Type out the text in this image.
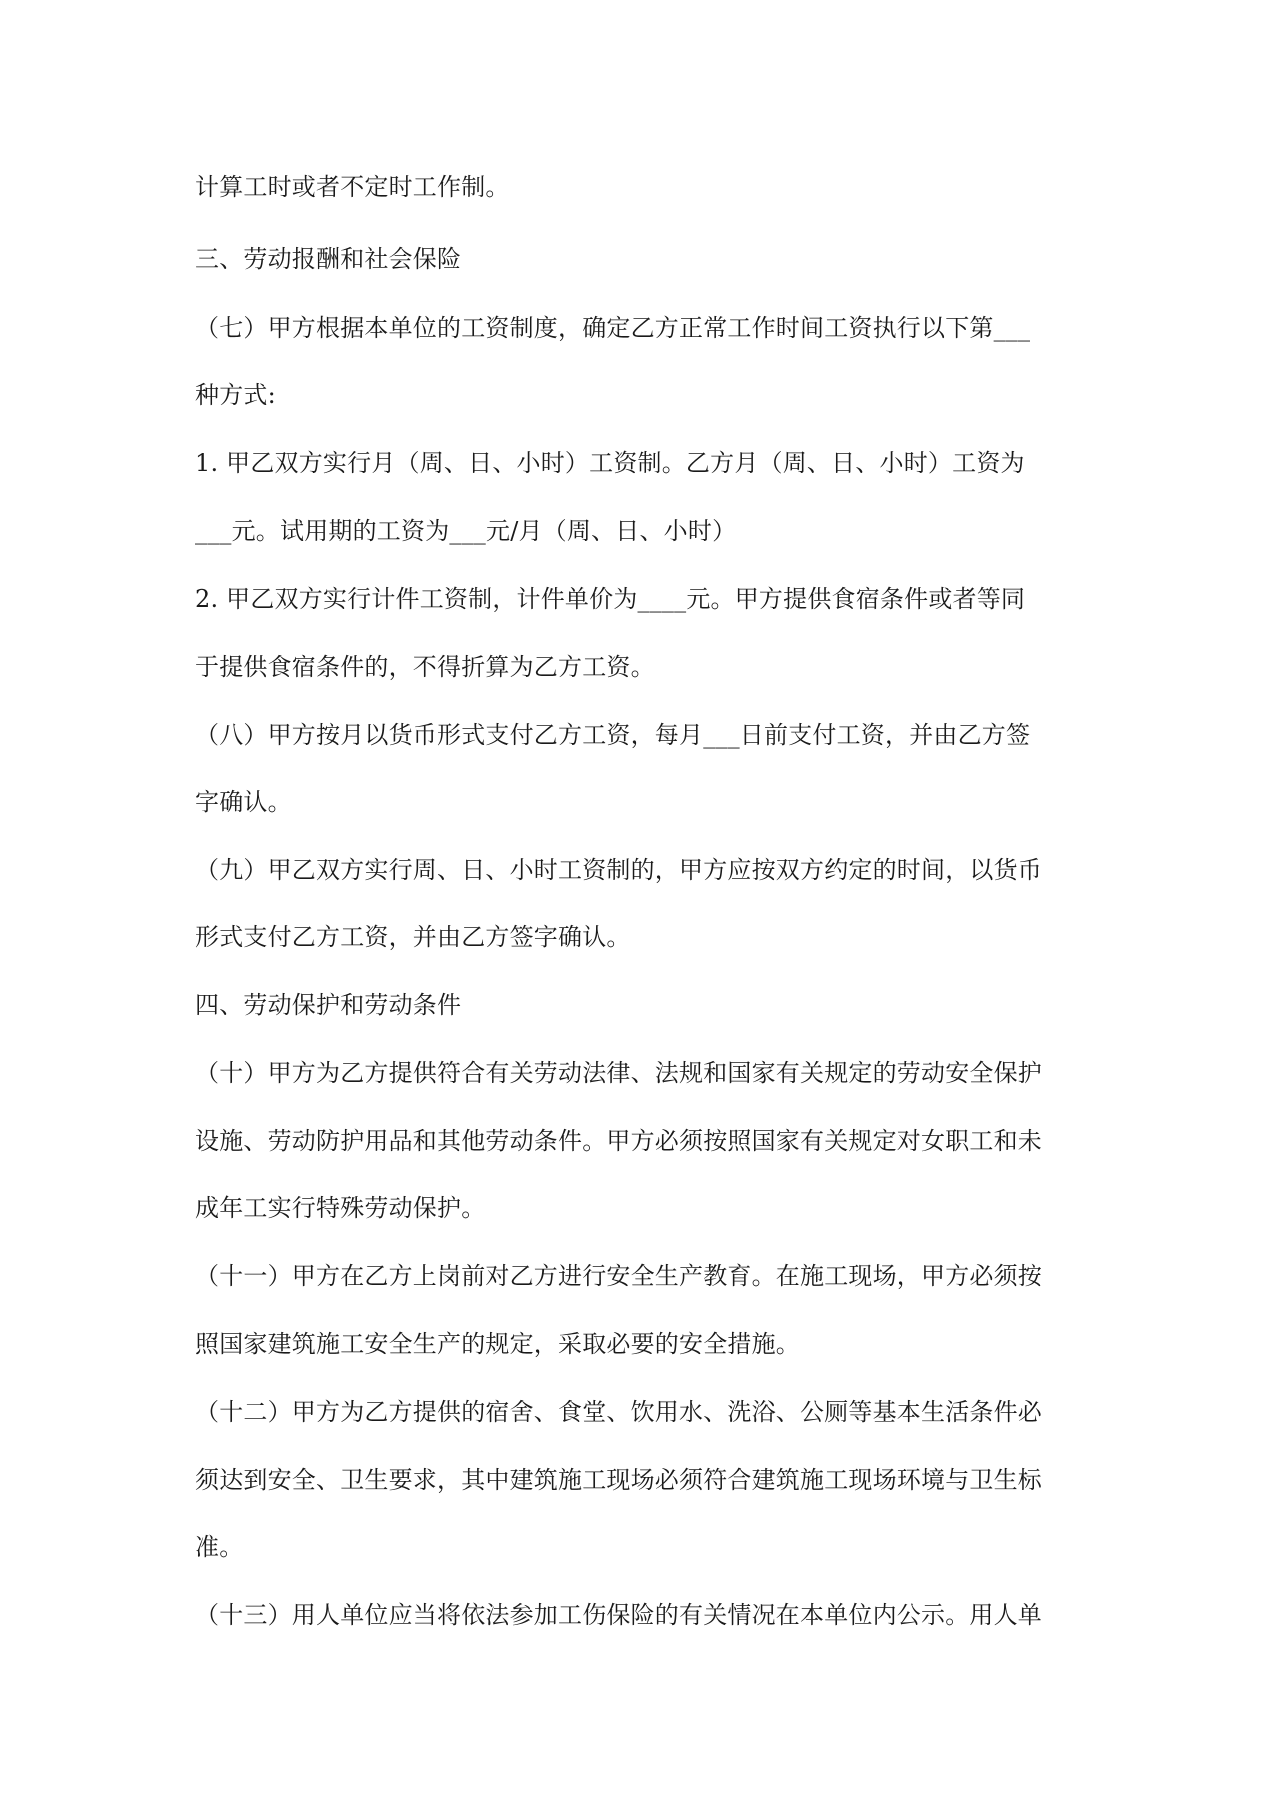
计算工时或者不定时工作制。
三、劳动报酬和社会保险
（七）甲方根据本单位的工资制度，确定乙方正常工作时间工资执行以下第___
种方式:
1. 甲乙双方实行月（周、日、小时）工资制。乙方月（周、日、小时）工资为
___元。试用期的工资为___元/月（周、日、小时）
2. 甲乙双方实行计件工资制，计件单价为____元。甲方提供食宿条件或者等同
于提供食宿条件的，不得折算为乙方工资。
（八）甲方按月以货币形式支付乙方工资，每月___日前支付工资，并由乙方签
字确认。
（九）甲乙双方实行周、日、小时工资制的，甲方应按双方约定的时间，以货币
形式支付乙方工资，并由乙方签字确认。
四、劳动保护和劳动条件
（十）甲方为乙方提供符合有关劳动法律、法规和国家有关规定的劳动安全保护
设施、劳动防护用品和其他劳动条件。甲方必须按照国家有关规定对女职工和未
成年工实行特殊劳动保护。
（十一）甲方在乙方上岗前对乙方进行安全生产教育。在施工现场，甲方必须按
照国家建筑施工安全生产的规定，采取必要的安全措施。
（十二）甲方为乙方提供的宿舍、食堂、饮用水、洗浴、公厕等基本生活条件必
须达到安全、卫生要求，其中建筑施工现场必须符合建筑施工现场环境与卫生标
准。
（十三）用人单位应当将依法参加工伤保险的有关情况在本单位内公示。用人单
